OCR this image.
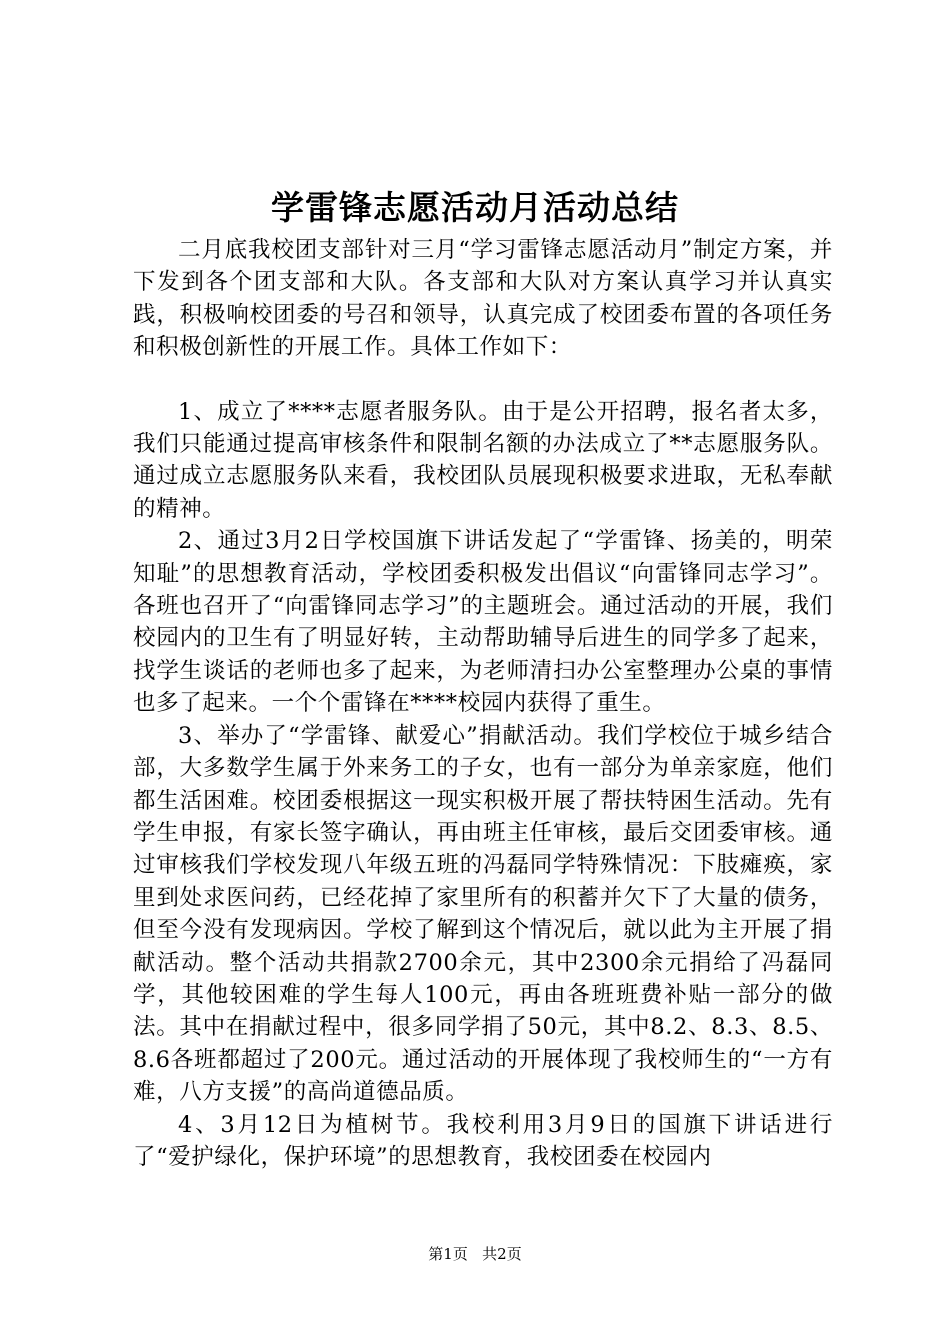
学雷锋志愿活动月活动总结

二月底我校团支部针对三月“学习雷锋志愿活动月”制定方案，并下发到各个团支部和大队。各支部和大队对方案认真学习并认真实践，积极响校团委的号召和领导，认真完成了校团委布置的各项任务和积极创新性的开展工作。具体工作如下：

1、成立了****志愿者服务队。由于是公开招聘，报名者太多，我们只能通过提高审核条件和限制名额的办法成立了**志愿服务队。通过成立志愿服务队来看，我校团队员展现积极要求进取，无私奉献的精神。

2、通过3月2日学校国旗下讲话发起了“学雷锋、扬美的，明荣知耻”的思想教育活动，学校团委积极发出倡议“向雷锋同志学习”。各班也召开了“向雷锋同志学习”的主题班会。通过活动的开展，我们校园内的卫生有了明显好转，主动帮助辅导后进生的同学多了起来，找学生谈话的老师也多了起来，为老师清扫办公室整理办公桌的事情也多了起来。一个个雷锋在****校园内获得了重生。

3、举办了“学雷锋、献爱心”捐献活动。我们学校位于城乡结合部，大多数学生属于外来务工的子女，也有一部分为单亲家庭，他们都生活困难。校团委根据这一现实积极开展了帮扶特困生活动。先有学生申报，有家长签字确认，再由班主任审核，最后交团委审核。通过审核我们学校发现八年级五班的冯磊同学特殊情况：下肢瘫痪，家里到处求医问药，已经花掉了家里所有的积蓄并欠下了大量的债务，但至今没有发现病因。学校了解到这个情况后，就以此为主开展了捐献活动。整个活动共捐款2700余元，其中2300余元捐给了冯磊同学，其他较困难的学生每人100元，再由各班班费补贴一部分的做法。其中在捐献过程中，很多同学捐了50元，其中8.2、8.3、8.5、8.6各班都超过了200元。通过活动的开展体现了我校师生的“一方有难，八方支援”的高尚道德品质。

4、3月12日为植树节。我校利用3月9日的国旗下讲话进行了“爱护绿化，保护环境”的思想教育，我校团委在校园内

第1页 共2页
